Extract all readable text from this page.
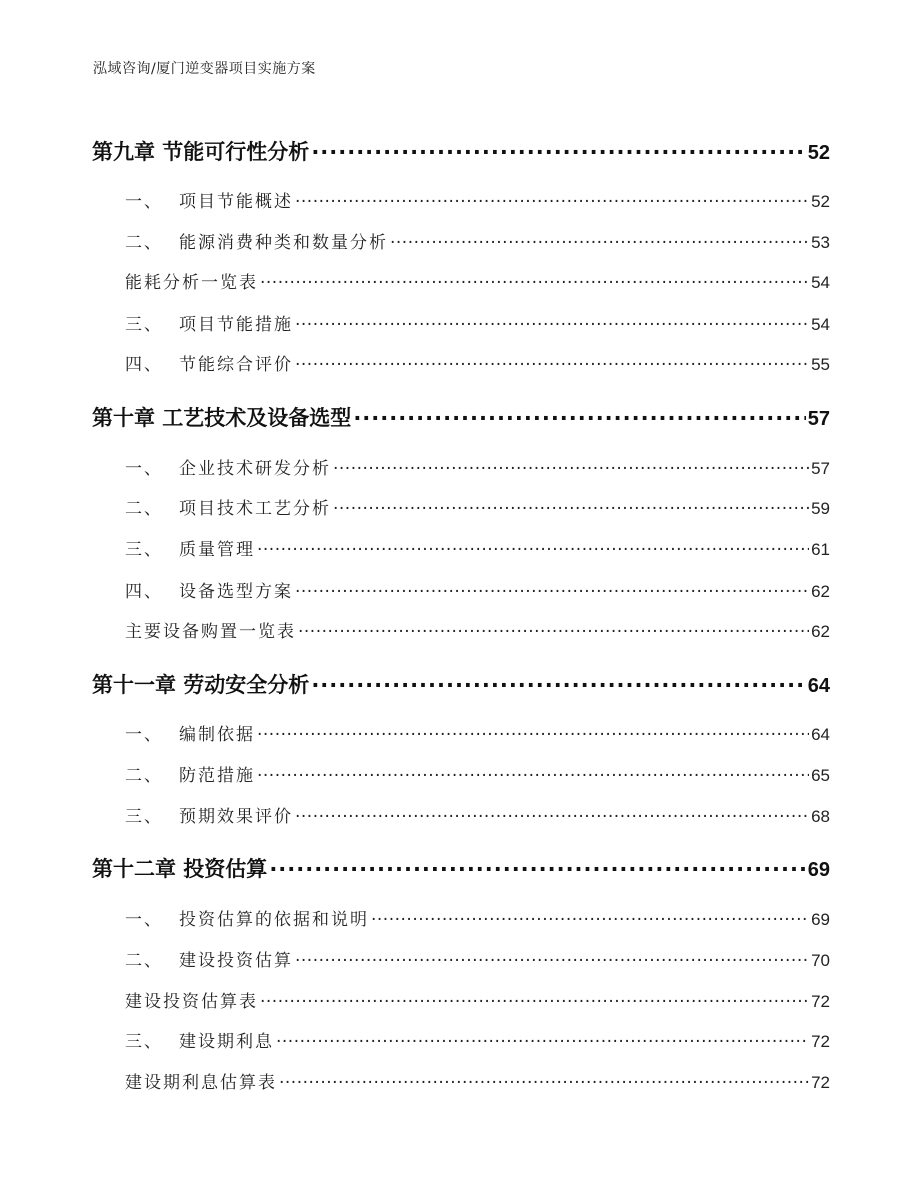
泓域咨询/厦门逆变器项目实施方案
第九章 节能可行性分析 .....	52
一、 项目节能概述 .....	52
二、 能源消费种类和数量分析 .....	53
能耗分析一览表 .....	54
三、 项目节能措施 .....	54
四、 节能综合评价 .....	55
第十章 工艺技术及设备选型 .....	57
一、 企业技术研发分析 .....	57
二、 项目技术工艺分析 .....	59
三、 质量管理 .....	61
四、 设备选型方案 .....	62
主要设备购置一览表 .....	62
第十一章 劳动安全分析 .....	64
一、 编制依据 .....	64
二、 防范措施 .....	65
三、 预期效果评价 .....	68
第十二章 投资估算 .....	69
一、 投资估算的依据和说明 .....	69
二、 建设投资估算 .....	70
建设投资估算表 .....	72
三、 建设期利息 .....	72
建设期利息估算表 .....	72
